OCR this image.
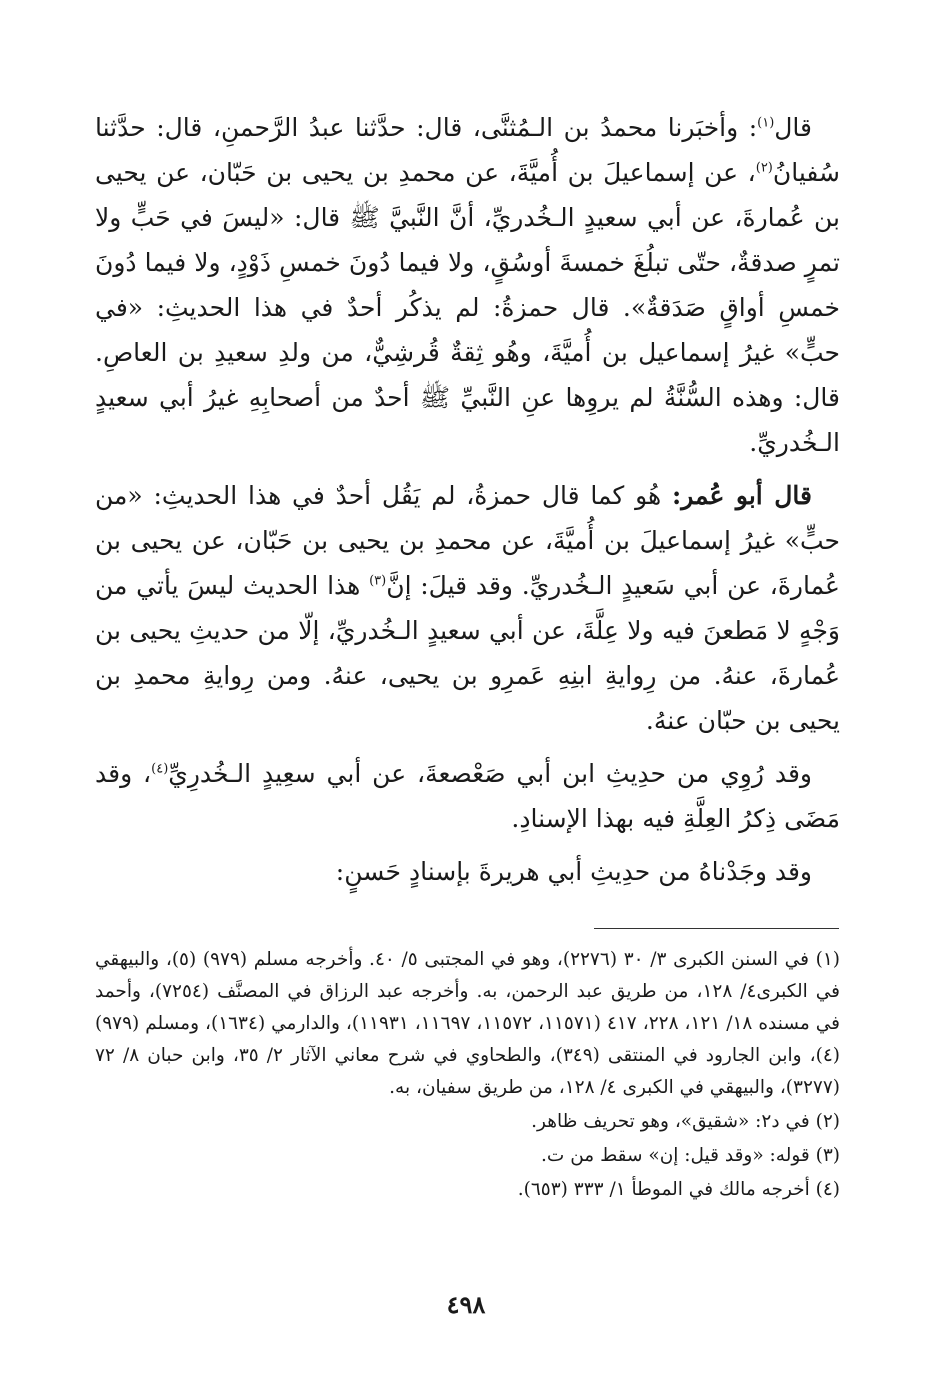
قال$^{(١)}$: وأخبَرنا محمدُ بن الـمُثنَّى، قال: حدَّثنا عبدُ الرَّحمنِ، قال: حدَّثنا سُفيانُ$^{(٢)}$، عن إسماعيلَ بن أُميَّةَ، عن محمدِ بن يحيى بن حَبّان، عن يحيى بن عُمارةَ، عن أبي سعيدٍ الـخُدريِّ، أنَّ النَّبيَّ ﷺ قال: «ليسَ في حَبٍّ ولا تمرٍ صدقةٌ، حتّى تبلُغَ خمسةَ أوسُقٍ، ولا فيما دُونَ خمسِ ذَوْدٍ، ولا فيما دُونَ خمسِ أواقٍ صَدَقةٌ». قال حمزةُ: لم يذكُر أحدٌ في هذا الحديثِ: «في حبٍّ» غيرُ إسماعيل بن أُميَّةَ، وهُو ثِقةٌ قُرشِيٌّ، من ولدِ سعيدِ بن العاصِ. قال: وهذه السُّنَّةُ لم يروِها عنِ النَّبيِّ ﷺ أحدٌ من أصحابِهِ غيرُ أبي سعيدٍ الـخُدريِّ.

قال أبو عُمر: هُو كما قال حمزةُ، لم يَقُل أحدٌ في هذا الحديثِ: «من حبٍّ» غيرُ إسماعيلَ بن أُميَّةَ، عن محمدِ بن يحيى بن حَبّان، عن يحيى بن عُمارةَ، عن أبي سَعيدٍ الـخُدريِّ. وقد قيلَ: إنَّ$^{(٣)}$ هذا الحديث ليسَ يأتي من وَجْهٍ لا مَطعنَ فيه ولا عِلَّةَ، عن أبي سعيدٍ الـخُدريِّ، إلّا من حديثِ يحيى بن عُمارةَ، عنهُ. من رِوايةِ ابنِهِ عَمرِو بن يحيى، عنهُ. ومن رِوايةِ محمدِ بن يحيى بن حبّان عنهُ.

وقد رُوِي من حدِيثِ ابن أبي صَعْصعةَ، عن أبي سعِيدٍ الـخُدرِيِّ$^{(٤)}$، وقد مَضَى ذِكرُ العِلَّةِ فيه بهذا الإسنادِ.

وقد وجَدْناهُ من حدِيثِ أبي هريرةَ بإسنادٍ حَسنٍ:

(١) في السنن الكبرى ٣/ ٣٠ (٢٢٧٦)، وهو في المجتبى ٥/ ٤٠. وأخرجه مسلم (٩٧٩) (٥)، والبيهقي في الكبرى٤/ ١٢٨، من طريق عبد الرحمن، به. وأخرجه عبد الرزاق في المصنَّف (٧٢٥٤)، وأحمد في مسنده ١٨/ ١٢١، ٢٢٨، ٤١٧ (١١٥٧١، ١١٥٧٢، ١١٦٩٧، ١١٩٣١)، والدارمي (١٦٣٤)، ومسلم (٩٧٩) (٤)، وابن الجارود في المنتقى (٣٤٩)، والطحاوي في شرح معاني الآثار ٢/ ٣٥، وابن حبان ٨/ ٧٢ (٣٢٧٧)، والبيهقي في الكبرى ٤/ ١٢٨، من طريق سفيان، به.

(٢) في د٢: «شقيق»، وهو تحريف ظاهر.

(٣) قوله: «وقد قيل: إن» سقط من ت.

(٤) أخرجه مالك في الموطأ ١/ ٣٣٣ (٦٥٣).

٤٩٨
